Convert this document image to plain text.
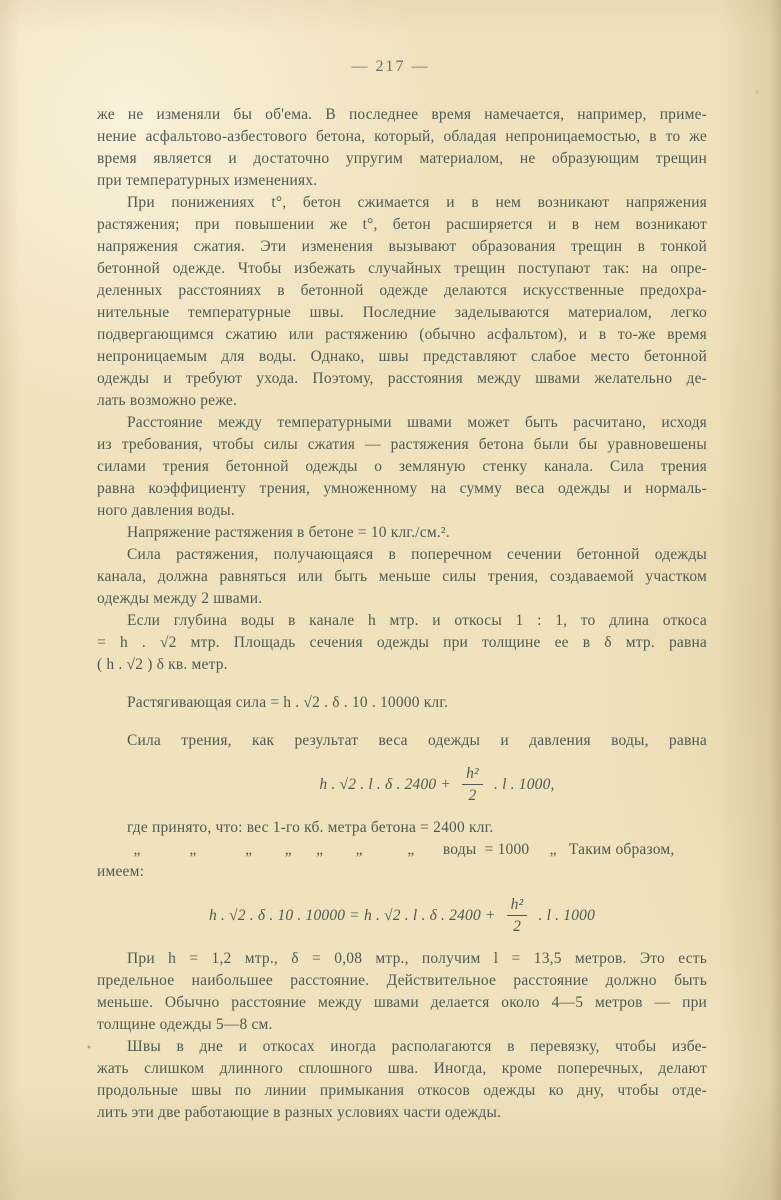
— 217 —
же не изменяли бы об'ема. В последнее время намечается, например, приме-
нение асфальтово-азбестового бетона, который, обладая непроницаемостью, в то же
время является и достаточно упругим материалом, не образующим трещин
при температурных изменениях.
При понижениях t°, бетон сжимается и в нем возникают напряжения
растяжения; при повышении же t°, бетон расширяется и в нем возникают
напряжения сжатия. Эти изменения вызывают образования трещин в тонкой
бетонной одежде. Чтобы избежать случайных трещин поступают так: на опре-
деленных расстояниях в бетонной одежде делаются искусственные предохра-
нительные температурные швы. Последние заделываются материалом, легко
подвергающимся сжатию или растяжению (обычно асфальтом), и в то-же время
непроницаемым для воды. Однако, швы представляют слабое место бетонной
одежды и требуют ухода. Поэтому, расстояния между швами желательно де-
лать возможно реже.
Расстояние между температурными швами может быть расчитано, исходя
из требования, чтобы силы сжатия — растяжения бетона были бы уравновешены
силами трения бетонной одежды о земляную стенку канала. Сила трения
равна коэффициенту трения, умноженному на сумму веса одежды и нормаль-
ного давления воды.
Напряжение растяжения в бетоне = 10 клг./см.².
Сила растяжения, получающаяся в поперечном сечении бетонной одежды
канала, должна равняться или быть меньше силы трения, создаваемой участком
одежды между 2 швами.
Если глубина воды в канале h мтр. и откосы 1 : 1, то длина откоса
= h . √2 мтр. Площадь сечения одежды при толщине ее в δ мтр. равна
( h . √2 ) δ кв. метр.
Растягивающая сила = h . √2 . δ . 10 . 10000 клг.
Сила трения, как результат веса одежды и давления воды, равна
h . √2 . l . δ . $2400 + \frac{\text{h²}}{2}$ . l . 1000,
где принято, что: вес 1-го кб. метра бетона = 2400 клг.
„            „            „        „      „        „           „       воды  = 1000     „   Таким образом,
имеем:
h . √2 . δ . 10 . 10000 = h . √2 . l . δ . $2400 + \frac{\text{h²}}{2}$ . l . 1000
При h = 1,2 мтр., δ = 0,08 мтр., получим l = 13,5 метров. Это есть
предельное наибольшее расстояние. Действительное расстояние должно быть
меньше. Обычно расстояние между швами делается около 4—5 метров — при
толщине одежды 5—8 см.
Швы в дне и откосах иногда располагаются в перевязку, чтобы избе-
жать слишком длинного сплошного шва. Иногда, кроме поперечных, делают
продольные швы по линии примыкания откосов одежды ко дну, чтобы отде-
лить эти две работающие в разных условиях части одежды.
